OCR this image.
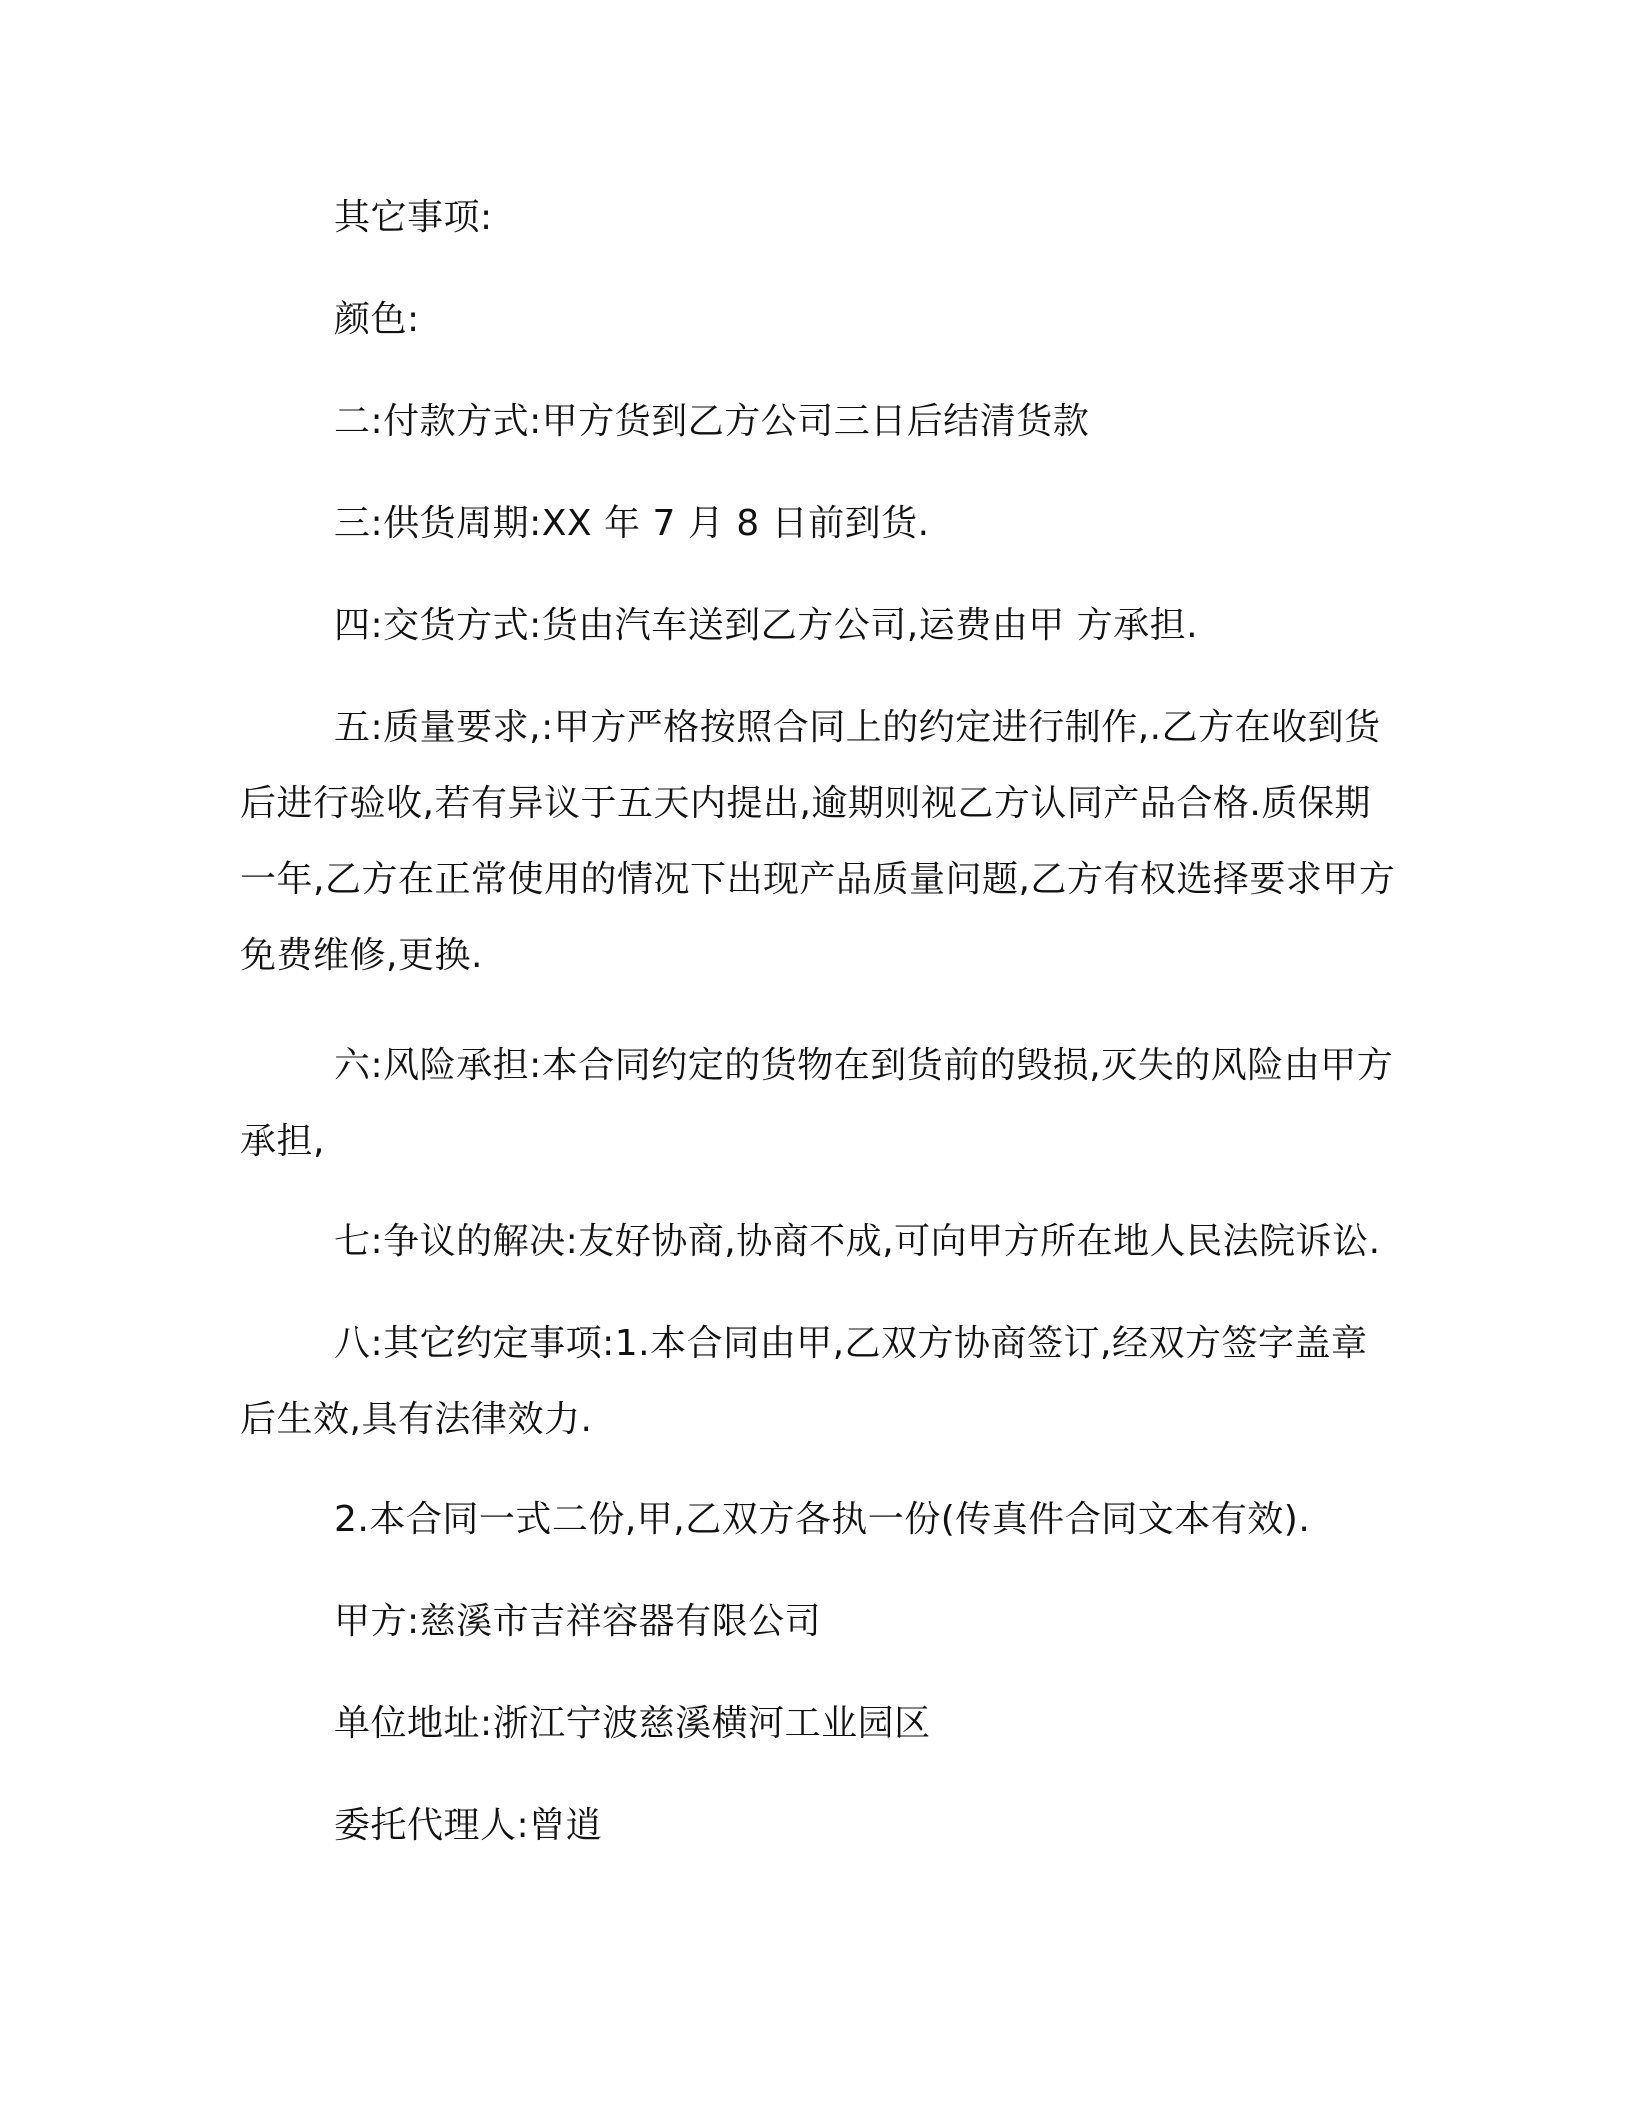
其它事项:

颜色:

二:付款方式:甲方货到乙方公司三日后结清货款

三:供货周期:XX 年 7 月 8 日前到货.

四:交货方式:货由汽车送到乙方公司,运费由甲 方承担.

五:质量要求,:甲方严格按照合同上的约定进行制作,.乙方在收到货后进行验收,若有异议于五天内提出,逾期则视乙方认同产品合格.质保期一年,乙方在正常使用的情况下出现产品质量问题,乙方有权选择要求甲方免费维修,更换.

六:风险承担:本合同约定的货物在到货前的毁损,灭失的风险由甲方承担,

七:争议的解决:友好协商,协商不成,可向甲方所在地人民法院诉讼.

八:其它约定事项:1.本合同由甲,乙双方协商签订,经双方签字盖章后生效,具有法律效力.

2.本合同一式二份,甲,乙双方各执一份(传真件合同文本有效).

甲方:慈溪市吉祥容器有限公司

单位地址:浙江宁波慈溪横河工业园区

委托代理人:曾逍
